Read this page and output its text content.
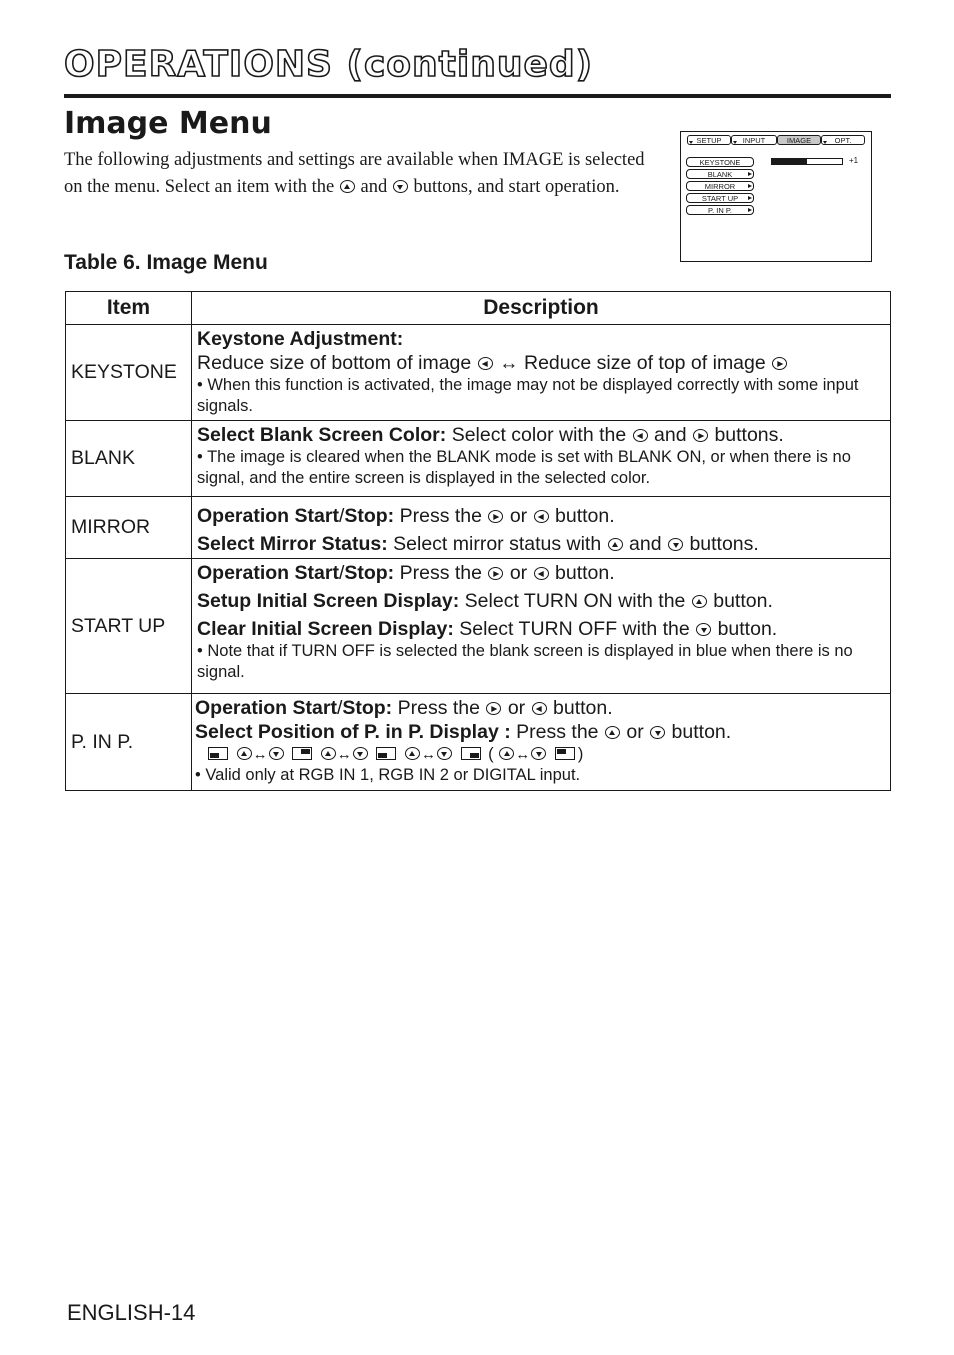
OPERATIONS (continued)
Image Menu
The following adjustments and settings are available when IMAGE is selected on the menu. Select an item with the and buttons, and start operation.
SETUP	INPUT	IMAGE	OPT.
KEYSTONE
BLANK
MIRROR
START UP
P. IN P.
+1
Table 6. Image Menu
Item	Description
KEYSTONE	Keystone Adjustment:
Reduce size of bottom of image ↔ Reduce size of top of image
• When this function is activated, the image may not be displayed correctly with some input signals.

BLANK	Select Blank Screen Color: Select color with the and buttons.
• The image is cleared when the BLANK mode is set with BLANK ON, or when there is no signal, and the entire screen is displayed in the selected color.

MIRROR	Operation Start/Stop: Press the or button.
Select Mirror Status: Select mirror status with and buttons.

START UP	Operation Start/Stop: Press the or button.
Setup Initial Screen Display: Select TURN ON with the button.
Clear Initial Screen Display: Select TURN OFF with the button.
• Note that if TURN OFF is selected the blank screen is displayed in blue when there is no signal.

P. IN P.	Operation Start/Stop: Press the or button.
Select Position of P. in P. Display : Press the or button.
↔ ↔ ↔ ( ↔ )
• Valid only at RGB IN 1, RGB IN 2 or DIGITAL input.
ENGLISH-14
